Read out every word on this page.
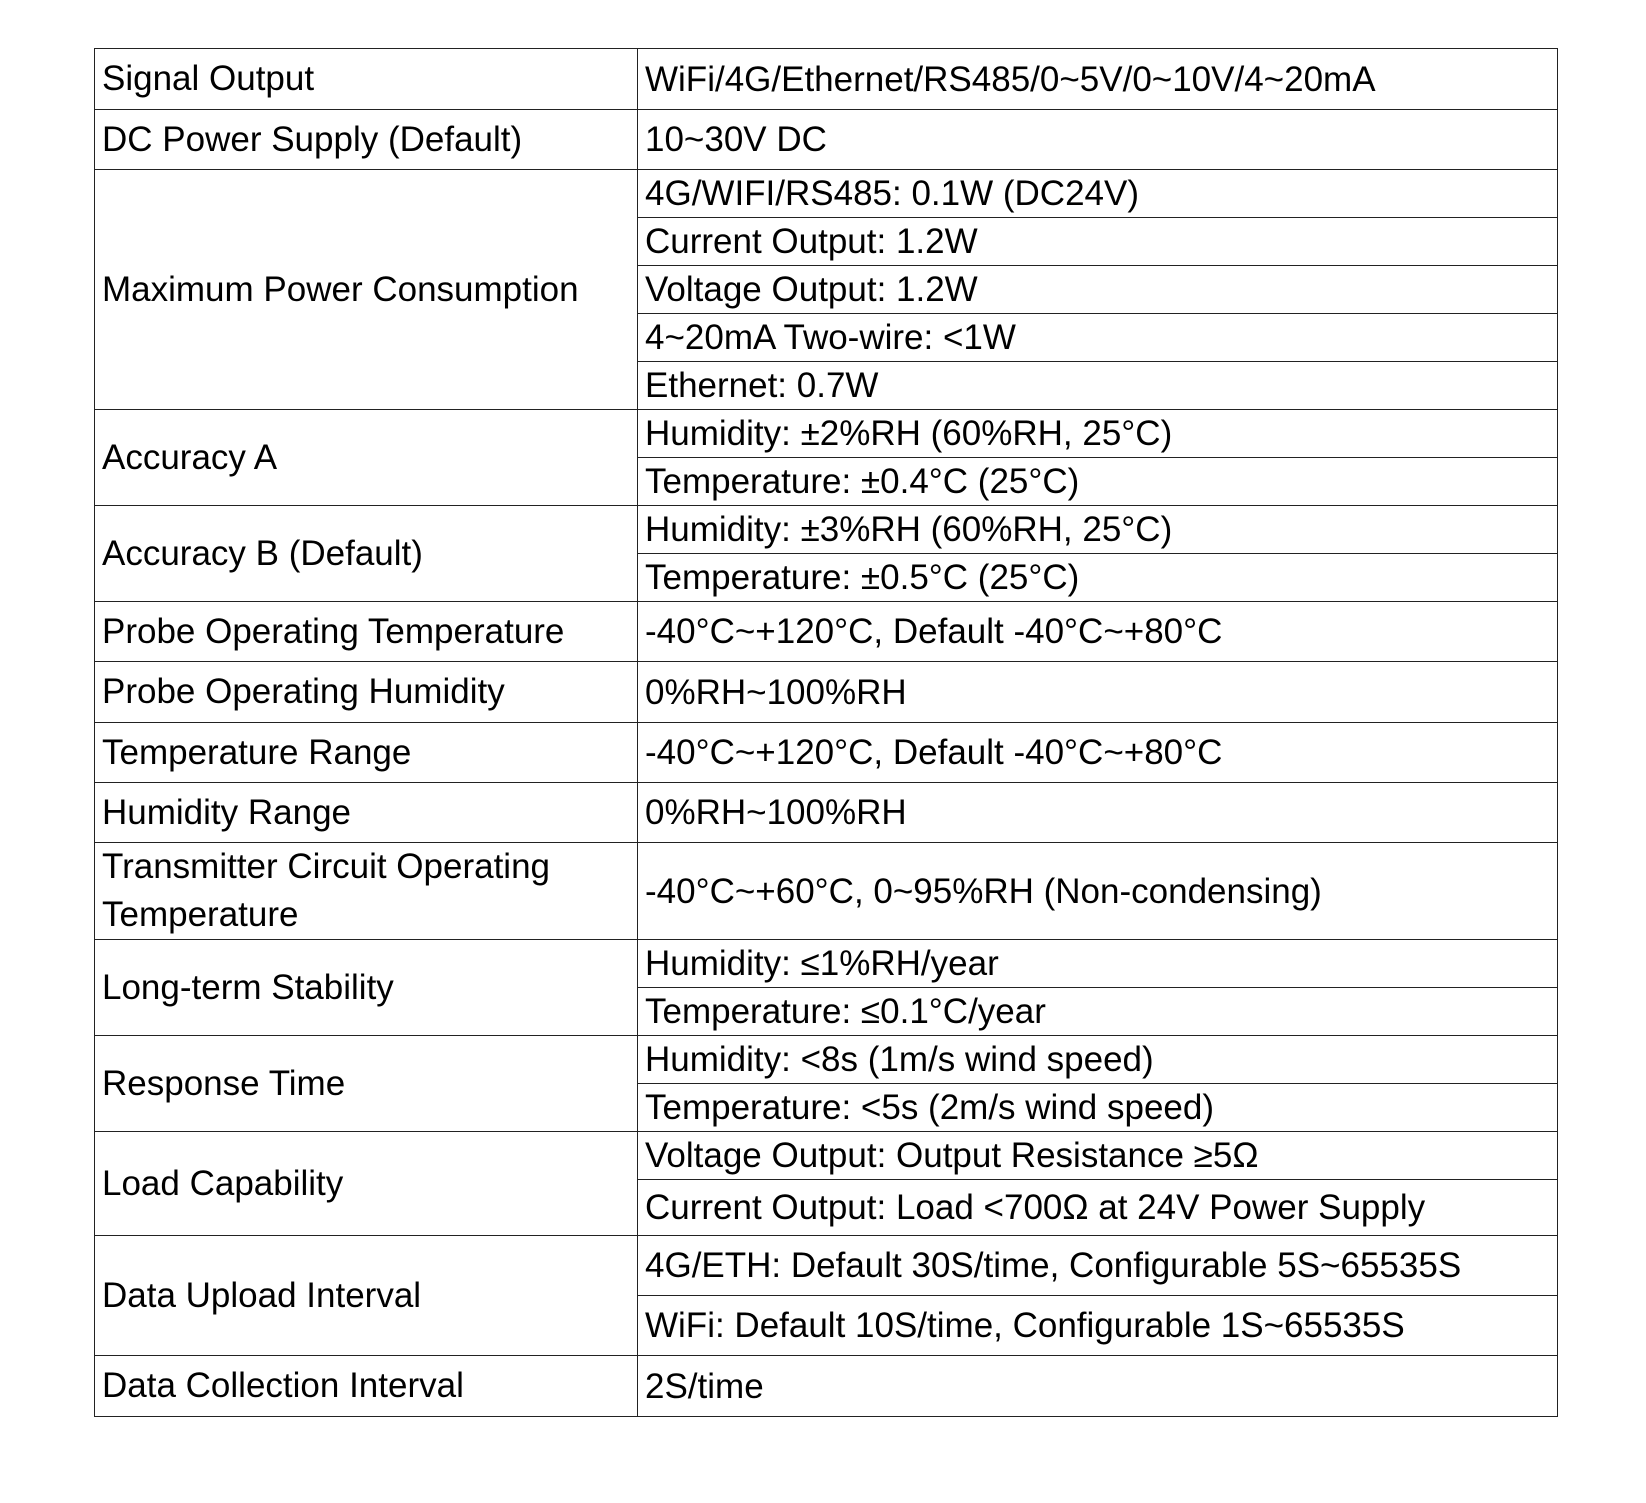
Signal Output	WiFi/4G/Ethernet/RS485/0~5V/0~10V/4~20mA
DC Power Supply (Default)	10~30V DC
Maximum Power Consumption	4G/WIFI/RS485: 0.1W (DC24V)
	Current Output: 1.2W
	Voltage Output: 1.2W
	4~20mA Two-wire: <1W
	Ethernet: 0.7W
Accuracy A	Humidity: ±2%RH (60%RH, 25°C)
	Temperature: ±0.4°C (25°C)
Accuracy B (Default)	Humidity: ±3%RH (60%RH, 25°C)
	Temperature: ±0.5°C (25°C)
Probe Operating Temperature	-40°C~+120°C, Default -40°C~+80°C
Probe Operating Humidity	0%RH~100%RH
Temperature Range	-40°C~+120°C, Default -40°C~+80°C
Humidity Range	0%RH~100%RH
Transmitter Circuit Operating Temperature	-40°C~+60°C, 0~95%RH (Non-condensing)
Long-term Stability	Humidity: ≤1%RH/year
	Temperature: ≤0.1°C/year
Response Time	Humidity: <8s (1m/s wind speed)
	Temperature: <5s (2m/s wind speed)
Load Capability	Voltage Output: Output Resistance ≥5Ω
	Current Output: Load <700Ω at 24V Power Supply
Data Upload Interval	4G/ETH: Default 30S/time, Configurable 5S~65535S
	WiFi: Default 10S/time, Configurable 1S~65535S
Data Collection Interval	2S/time
